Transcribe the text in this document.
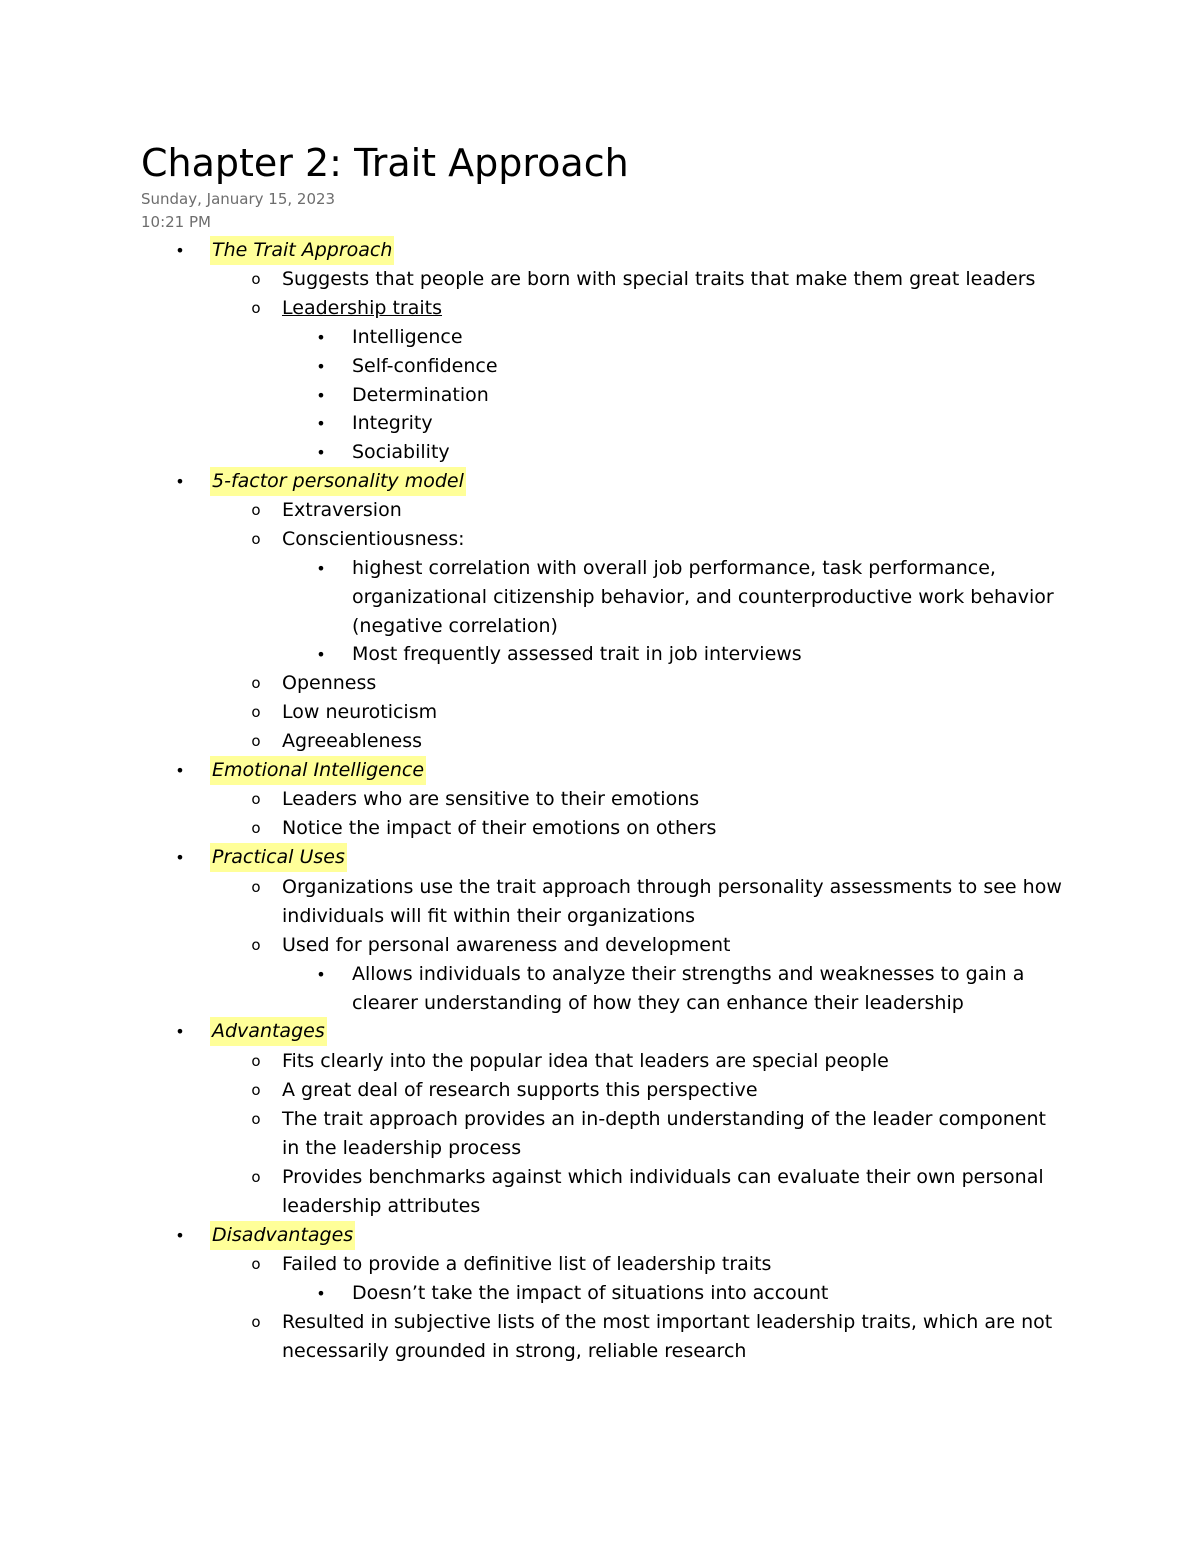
Chapter 2: Trait Approach
Sunday, January 15, 2023
10:21 PM
• The Trait Approach
o Suggests that people are born with special traits that make them great leaders
o Leadership traits
• Intelligence
• Self-confidence
• Determination
• Integrity
• Sociability
• 5-factor personality model
o Extraversion
o Conscientiousness:
• highest correlation with overall job performance, task performance,
organizational citizenship behavior, and counterproductive work behavior
(negative correlation)
• Most frequently assessed trait in job interviews
o Openness
o Low neuroticism
o Agreeableness
• Emotional Intelligence
o Leaders who are sensitive to their emotions
o Notice the impact of their emotions on others
• Practical Uses
o Organizations use the trait approach through personality assessments to see how
individuals will fit within their organizations
o Used for personal awareness and development
• Allows individuals to analyze their strengths and weaknesses to gain a
clearer understanding of how they can enhance their leadership
• Advantages
o Fits clearly into the popular idea that leaders are special people
o A great deal of research supports this perspective
o The trait approach provides an in-depth understanding of the leader component
in the leadership process
o Provides benchmarks against which individuals can evaluate their own personal
leadership attributes
• Disadvantages
o Failed to provide a definitive list of leadership traits
• Doesn’t take the impact of situations into account
o Resulted in subjective lists of the most important leadership traits, which are not
necessarily grounded in strong, reliable research
